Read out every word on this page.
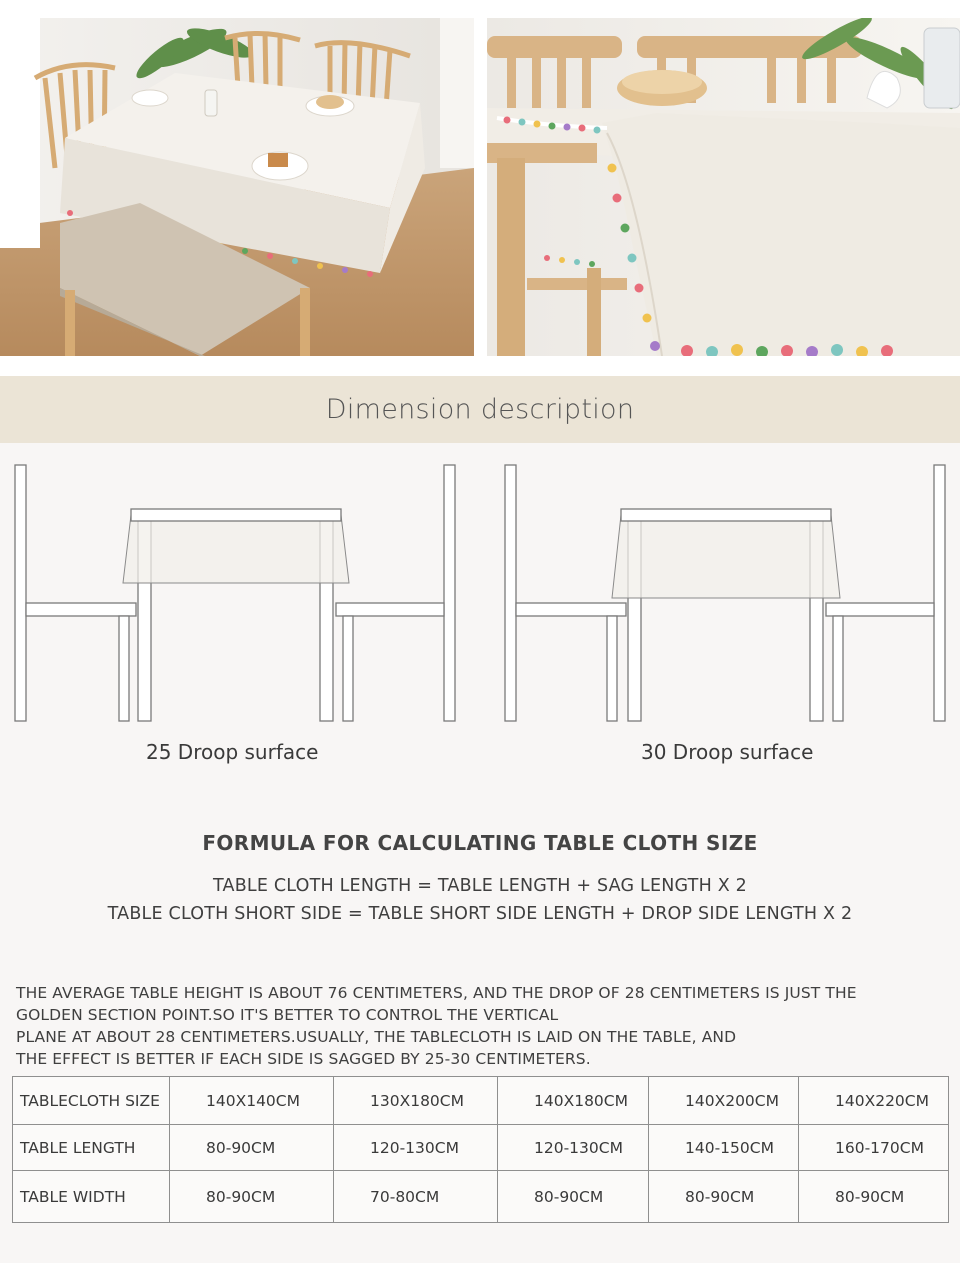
Dimension description
25 Droop surface	30 Droop surface
FORMULA FOR CALCULATING TABLE CLOTH SIZE
TABLE CLOTH LENGTH = TABLE LENGTH + SAG LENGTH X 2
TABLE CLOTH SHORT SIDE = TABLE SHORT SIDE LENGTH + DROP SIDE LENGTH X 2
THE AVERAGE TABLE HEIGHT IS ABOUT 76 CENTIMETERS, AND THE DROP OF 28 CENTIMETERS IS JUST THE
GOLDEN SECTION POINT.SO IT'S BETTER TO CONTROL THE VERTICAL
PLANE AT ABOUT 28 CENTIMETERS.USUALLY, THE TABLECLOTH IS LAID ON THE TABLE, AND
THE EFFECT IS BETTER IF EACH SIDE IS SAGGED BY 25-30 CENTIMETERS.
TABLECLOTH SIZE	140X140CM	130X180CM	140X180CM	140X200CM	140X220CM
TABLE LENGTH	80-90CM	120-130CM	120-130CM	140-150CM	160-170CM
TABLE WIDTH	80-90CM	70-80CM	80-90CM	80-90CM	80-90CM
